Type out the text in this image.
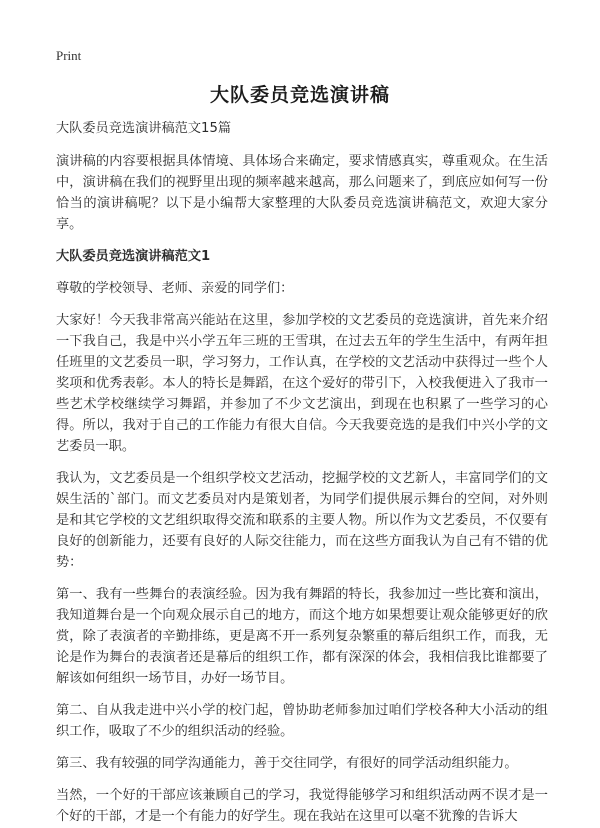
Print
大队委员竞选演讲稿

大队委员竞选演讲稿范文15篇

演讲稿的内容要根据具体情境、具体场合来确定，要求情感真实，尊重观众。在生活中，演讲稿在我们的视野里出现的频率越来越高，那么问题来了，到底应如何写一份恰当的演讲稿呢？以下是小编帮大家整理的大队委员竞选演讲稿范文，欢迎大家分享。

大队委员竞选演讲稿范文1

尊敬的学校领导、老师、亲爱的同学们：

大家好！今天我非常高兴能站在这里，参加学校的文艺委员的竞选演讲，首先来介绍一下我自己，我是中兴小学五年三班的王雪琪，在过去五年的学生生活中，有两年担任班里的文艺委员一职，学习努力，工作认真，在学校的文艺活动中获得过一些个人奖项和优秀表彰。本人的特长是舞蹈，在这个爱好的带引下，入校我便进入了我市一些艺术学校继续学习舞蹈，并参加了不少文艺演出，到现在也积累了一些学习的心得。所以，我对于自己的工作能力有很大自信。今天我要竞选的是我们中兴小学的文艺委员一职。

我认为，文艺委员是一个组织学校文艺活动，挖掘学校的文艺新人，丰富同学们的文娱生活的`部门。而文艺委员对内是策划者，为同学们提供展示舞台的空间，对外则是和其它学校的文艺组织取得交流和联系的主要人物。所以作为文艺委员，不仅要有良好的创新能力，还要有良好的人际交往能力，而在这些方面我认为自己有不错的优势：

第一、我有一些舞台的表演经验。因为我有舞蹈的特长，我参加过一些比赛和演出，我知道舞台是一个向观众展示自己的地方，而这个地方如果想要让观众能够更好的欣赏，除了表演者的辛勤排练，更是离不开一系列复杂繁重的幕后组织工作，而我，无论是作为舞台的表演者还是幕后的组织工作，都有深深的体会，我相信我比谁都要了解该如何组织一场节目，办好一场节目。

第二、自从我走进中兴小学的校门起，曾协助老师参加过咱们学校各种大小活动的组织工作，吸取了不少的组织活动的经验。

第三、我有较强的同学沟通能力，善于交往同学，有很好的同学活动组织能力。

当然，一个好的干部应该兼顾自己的学习，我觉得能够学习和组织活动两不误才是一个好的干部，才是一个有能力的好学生。现在我站在这里可以毫不犹豫的告诉大
